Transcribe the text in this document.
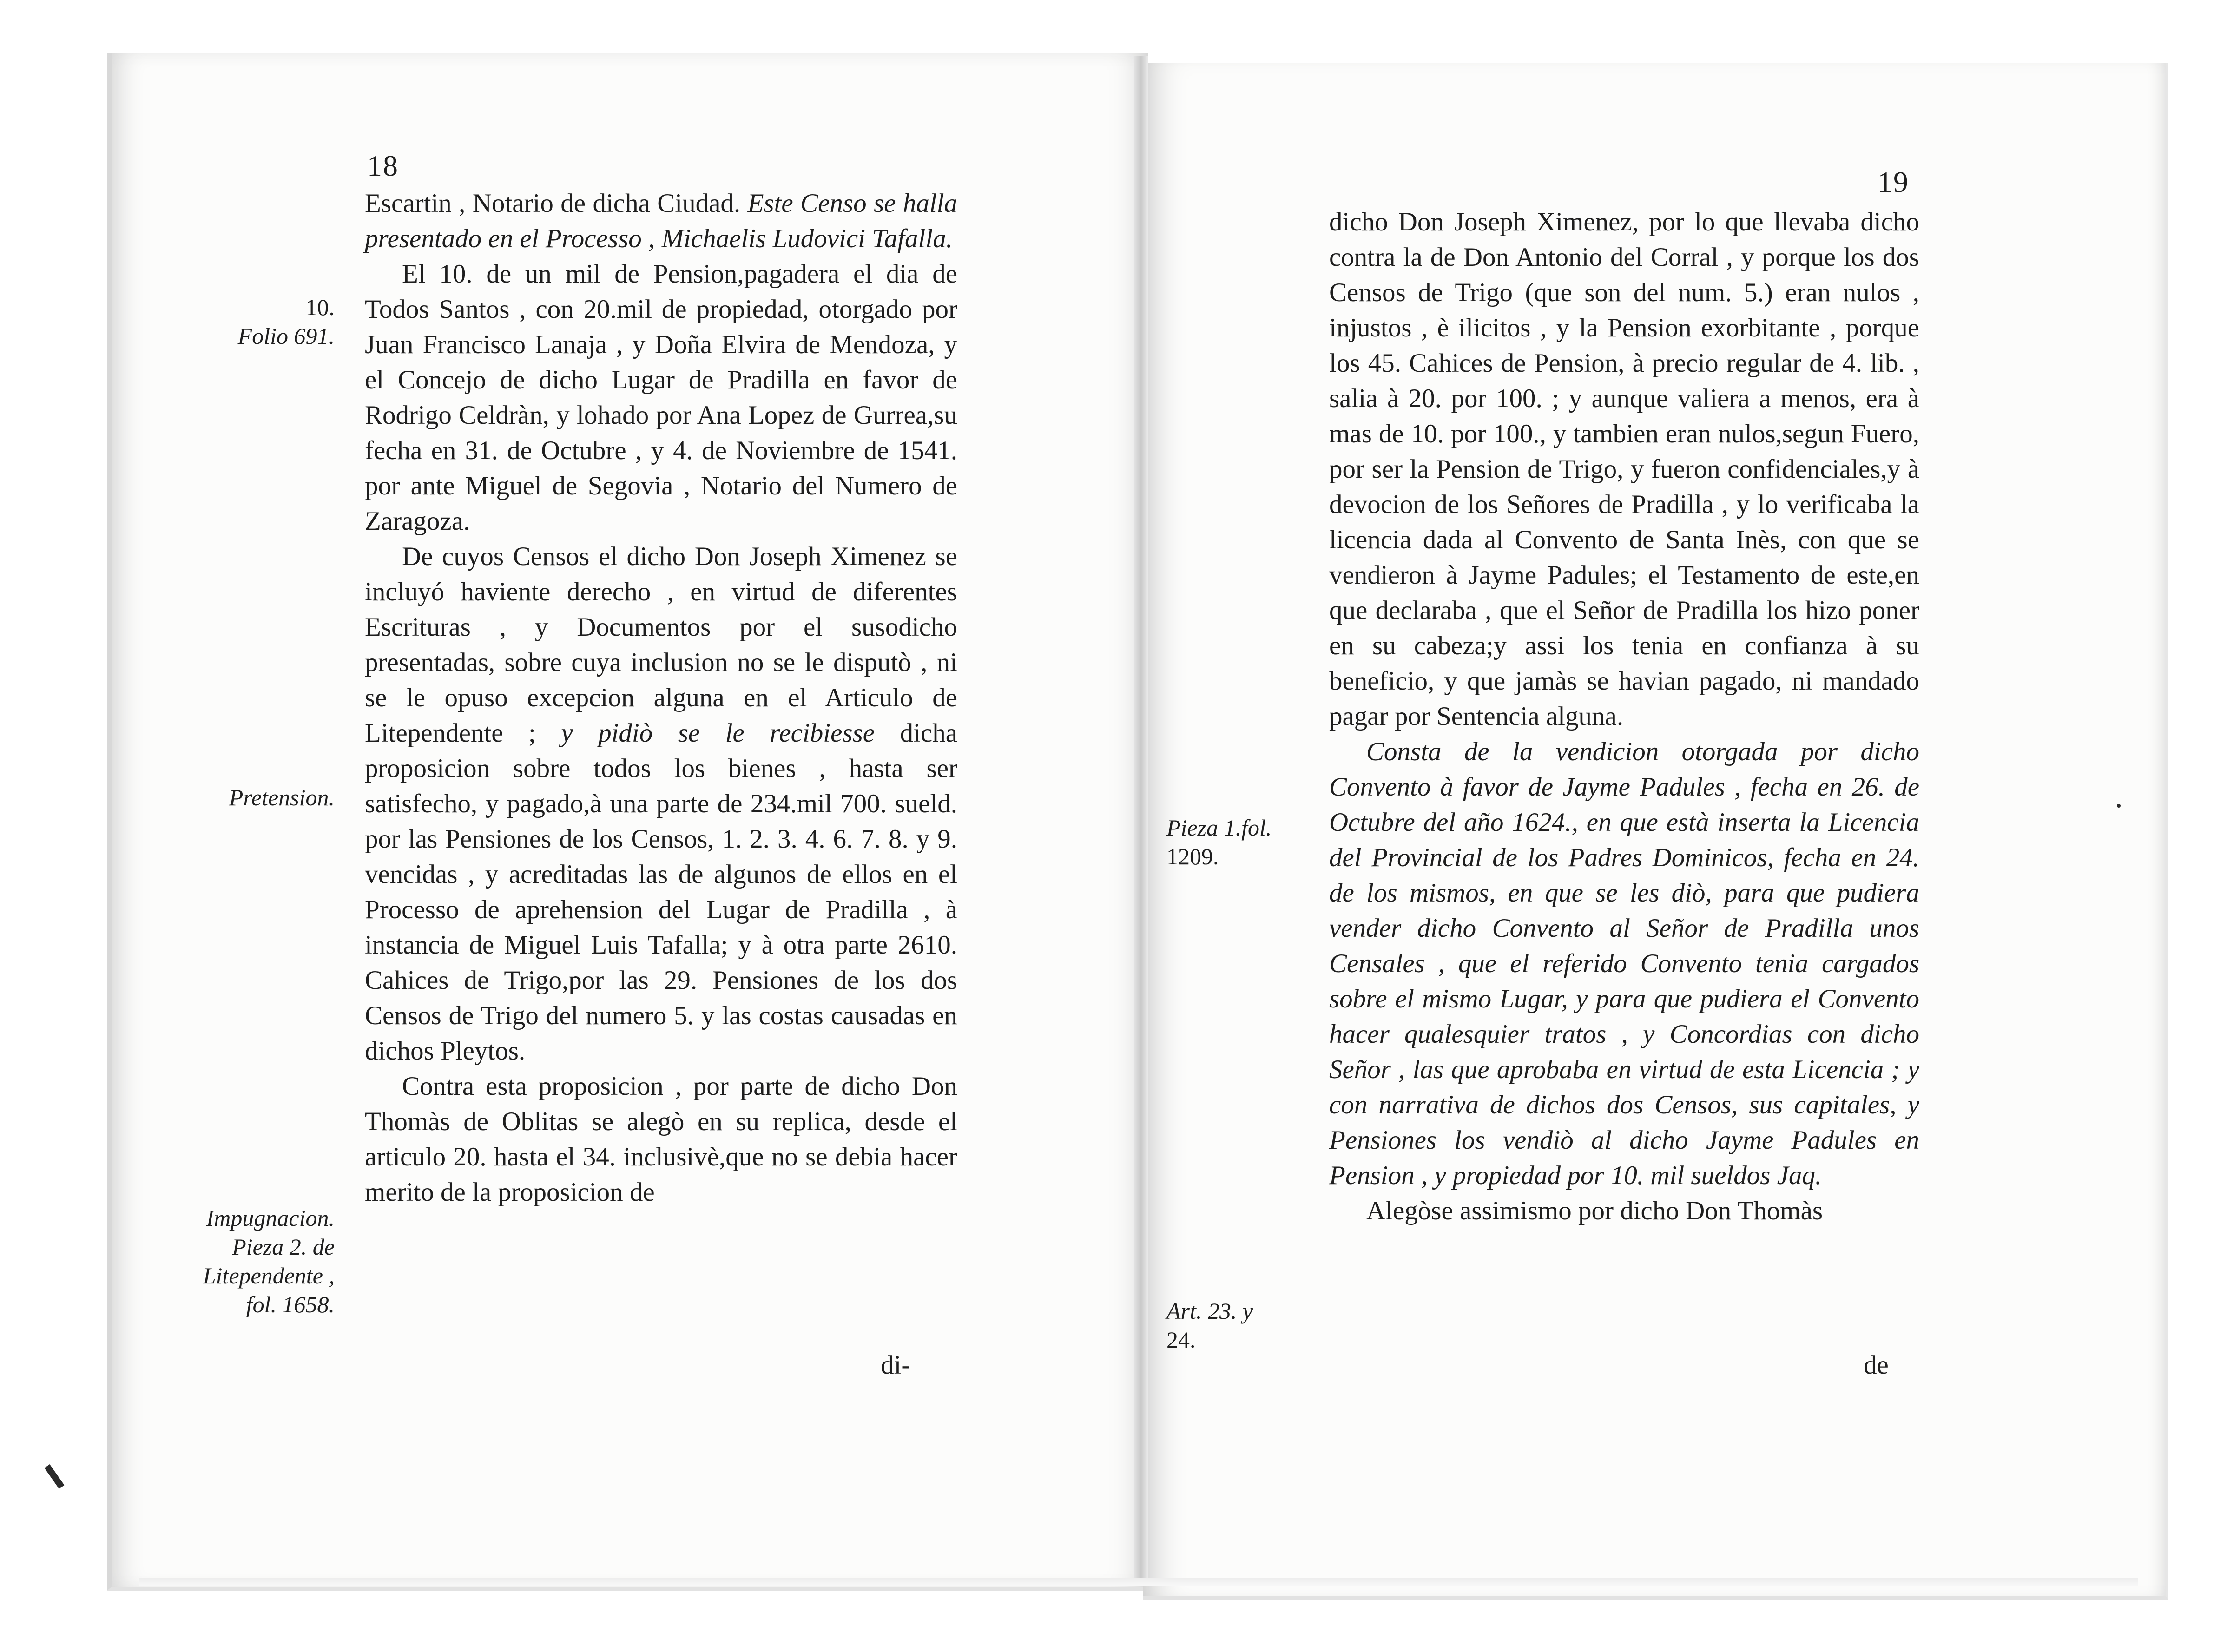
18

Escartin , Notario de dicha Ciudad. Este Censo se halla presentado en el Processo , Michaelis Ludovici Tafalla.

El 10. de un mil de Pension,pagadera el dia de Todos Santos , con 20.mil de propiedad, otorgado por Juan Francisco Lanaja , y Doña Elvira de Mendoza, y el Concejo de dicho Lugar de Pradilla en favor de Rodrigo Celdràn, y lohado por Ana Lopez de Gurrea,su fecha en 31. de Octubre , y 4. de Noviembre de 1541. por ante Miguel de Segovia , Notario del Numero de Zaragoza.

De cuyos Censos el dicho Don Joseph Ximenez se incluyó haviente derecho , en virtud de diferentes Escrituras , y Documentos por el susodicho presentadas, sobre cuya inclusion no se le disputò , ni se le opuso excepcion alguna en el Articulo de Litependente ; y pidiò se le recibiesse dicha proposicion sobre todos los bienes , hasta ser satisfecho, y pagado,à una parte de 234.mil 700. sueld. por las Pensiones de los Censos, 1. 2. 3. 4. 6. 7. 8. y 9. vencidas , y acreditadas las de algunos de ellos en el Processo de aprehension del Lugar de Pradilla , à instancia de Miguel Luis Tafalla; y à otra parte 2610. Cahices de Trigo,por las 29. Pensiones de los dos Censos de Trigo del numero 5. y las costas causadas en dichos Pleytos.

Contra esta proposicion , por parte de dicho Don Thomàs de Oblitas se alegò en su replica, desde el articulo 20. hasta el 34. inclusivè,que no se debia hacer merito de la proposicion de

di-
10.
Folio 691.
Pretension.
Impugnacion.
Pieza 2. de
Litependente ,
fol. 1658.
19

dicho Don Joseph Ximenez, por lo que llevaba dicho contra la de Don Antonio del Corral , y porque los dos Censos de Trigo (que son del num. 5.) eran nulos , injustos , è ilicitos , y la Pension exorbitante , porque los 45. Cahices de Pension, à precio regular de 4. lib. , salia à 20. por 100. ; y aunque valiera a menos, era à mas de 10. por 100., y tambien eran nulos,segun Fuero, por ser la Pension de Trigo, y fueron confidenciales,y à devocion de los Señores de Pradilla , y lo verificaba la licencia dada al Convento de Santa Inès, con que se vendieron à Jayme Padules; el Testamento de este,en que declaraba , que el Señor de Pradilla los hizo poner en su cabeza;y assi los tenia en confianza à su beneficio, y que jamàs se havian pagado, ni mandado pagar por Sentencia alguna.

Consta de la vendicion otorgada por dicho Convento à favor de Jayme Padules , fecha en 26. de Octubre del año 1624., en que està inserta la Licencia del Provincial de los Padres Dominicos, fecha en 24. de los mismos, en que se les diò, para que pudiera vender dicho Convento al Señor de Pradilla unos Censales , que el referido Convento tenia cargados sobre el mismo Lugar, y para que pudiera el Convento hacer qualesquier tratos , y Concordias con dicho Señor , las que aprobaba en virtud de esta Licencia ; y con narrativa de dichos dos Censos, sus capitales, y Pensiones los vendiò al dicho Jayme Padules en Pension , y propiedad por 10. mil sueldos Jaq.

Alegòse assimismo por dicho Don Thomàs

de
Pieza 1.fol.
1209.
Art. 23. y
24.
